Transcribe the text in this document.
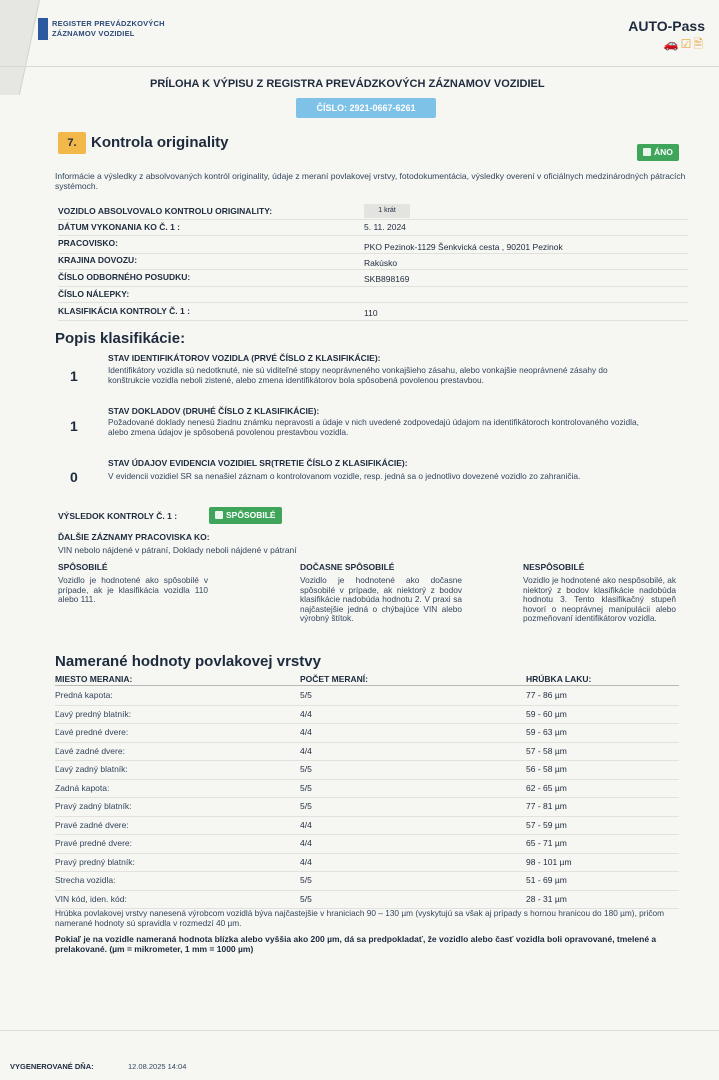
REGISTER PREVÁDZKOVÝCH
ZÁZNAMOV VOZIDIEL	AUTO-Pass
🚗☑🗎
PRÍLOHA K VÝPISU Z REGISTRA PREVÁDZKOVÝCH ZÁZNAMOV VOZIDIEL
ČÍSLO: 2921-0667-6261
7. Kontrola originality
ÁNO
Informácie a výsledky z absolvovaných kontról originality, údaje z meraní povlakovej vrstvy, fotodokumentácia, výsledky overení v oficiálnych medzinárodných pátracích systémoch.
VOZIDLO ABSOLVOVALO KONTROLU ORIGINALITY:	1 krát
DÁTUM VYKONANIA KO Č. 1 :	5. 11. 2024
PRACOVISKO:	PKO Pezinok-1129 Šenkvická cesta , 90201 Pezinok
KRAJINA DOVOZU:	Rakúsko
ČÍSLO ODBORNÉHO POSUDKU:	SKB898169
ČÍSLO NÁLEPKY:
KLASIFIKÁCIA KONTROLY Č. 1 :	110
Popis klasifikácie:
1
STAV IDENTIFIKÁTOROV VOZIDLA (PRVÉ ČÍSLO Z KLASIFIKÁCIE):
Identifikátory vozidla sú nedotknuté, nie sú viditeľné stopy neoprávneného vonkajšieho zásahu, alebo vonkajšie neoprávnené zásahy do konštrukcie vozidla neboli zistené, alebo zmena identifikátorov bola spôsobená povolenou prestavbou.
1
STAV DOKLADOV (DRUHÉ ČÍSLO Z KLASIFIKÁCIE):
Požadované doklady nenesú žiadnu známku nepravosti a údaje v nich uvedené zodpovedajú údajom na identifikátoroch kontrolovaného vozidla, alebo zmena údajov je spôsobená povolenou prestavbou vozidla.
0
STAV ÚDAJOV EVIDENCIA VOZIDIEL SR(TRETIE ČÍSLO Z KLASIFIKÁCIE):
V evidencii vozidiel SR sa nenašiel záznam o kontrolovanom vozidle, resp. jedná sa o jednotlivo dovezené vozidlo zo zahraničia.
VÝSLEDOK KONTROLY Č. 1 :	SPÔSOBILÉ
ĎALŠIE ZÁZNAMY PRACOVISKA KO:
VIN nebolo nájdené v pátraní, Doklady neboli nájdené v pátraní
SPÔSOBILÉ
Vozidlo je hodnotené ako spôsobilé v prípade, ak je klasifikácia vozidla 110 alebo 111.
DOČASNE SPÔSOBILÉ
Vozidlo je hodnotené ako dočasne spôsobilé v prípade, ak niektorý z bodov klasifikácie nadobúda hodnotu 2. V praxi sa najčastejšie jedná o chýbajúce VIN alebo výrobný štítok.
NESPÔSOBILÉ
Vozidlo je hodnotené ako nespôsobilé, ak niektorý z bodov klasifikácie nadobúda hodnotu 3. Tento klasifikačný stupeň hovorí o neoprávnej manipulácii alebo pozmeňovaní identifikátorov vozidla.
Namerané hodnoty povlakovej vrstvy
MIESTO MERANIA:	POČET MERANÍ:	HRÚBKA LAKU:
Predná kapota:	5/5	77 - 86 µm
Ľavý predný blatník:	4/4	59 - 60 µm
Ľavé predné dvere:	4/4	59 - 63 µm
Ľavé zadné dvere:	4/4	57 - 58 µm
Ľavý zadný blatník:	5/5	56 - 58 µm
Zadná kapota:	5/5	62 - 65 µm
Pravý zadný blatník:	5/5	77 - 81 µm
Pravé zadné dvere:	4/4	57 - 59 µm
Pravé predné dvere:	4/4	65 - 71 µm
Pravý predný blatník:	4/4	98 - 101 µm
Strecha vozidla:	5/5	51 - 69 µm
VIN kód, iden. kód:	5/5	28 - 31 µm
Hrúbka povlakovej vrstvy nanesená výrobcom vozidlá býva najčastejšie v hraniciach 90 – 130 µm (vyskytujú sa však aj prípady s hornou hranicou do 180 µm), pričom namerané hodnoty sú spravidla v rozmedzí 40 µm.
Pokiaľ je na vozidle nameraná hodnota blízka alebo vyššia ako 200 µm, dá sa predpokladať, že vozidlo alebo časť vozidla boli opravované, tmelené a prelakované. (µm = mikrometer, 1 mm = 1000 µm)
VYGENEROVANÉ DŇA:	12.08.2025 14:04
